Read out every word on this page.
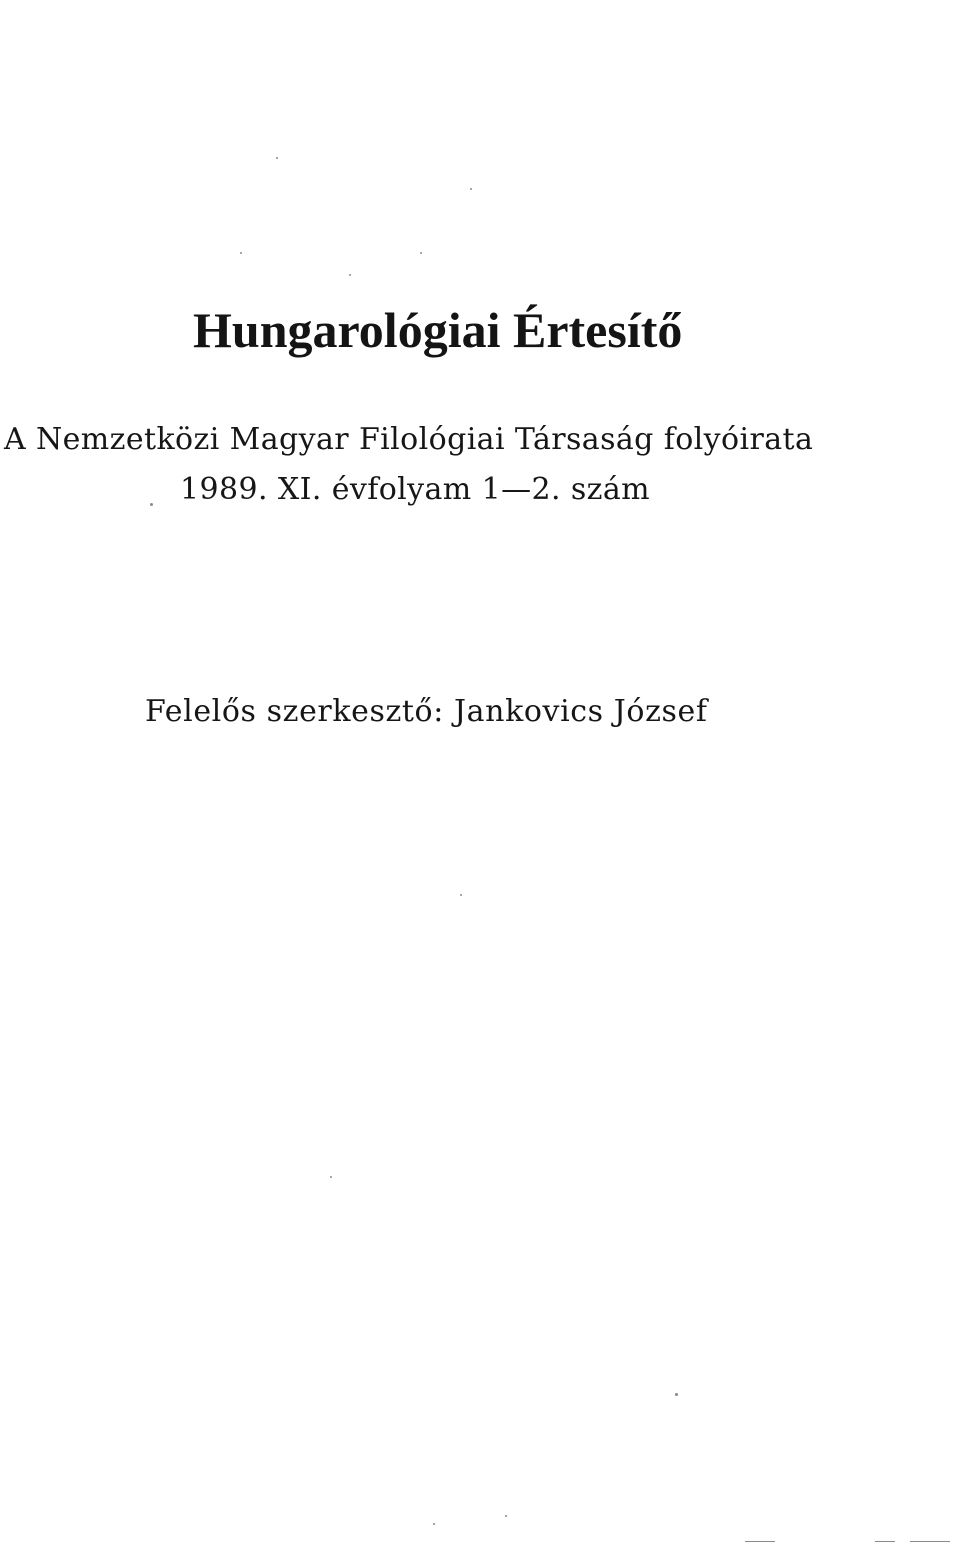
Hungarológiai Értesítő

A Nemzetközi Magyar Filológiai Társaság folyóirata

1989. XI. évfolyam 1—2. szám

Felelős szerkesztő: Jankovics József
